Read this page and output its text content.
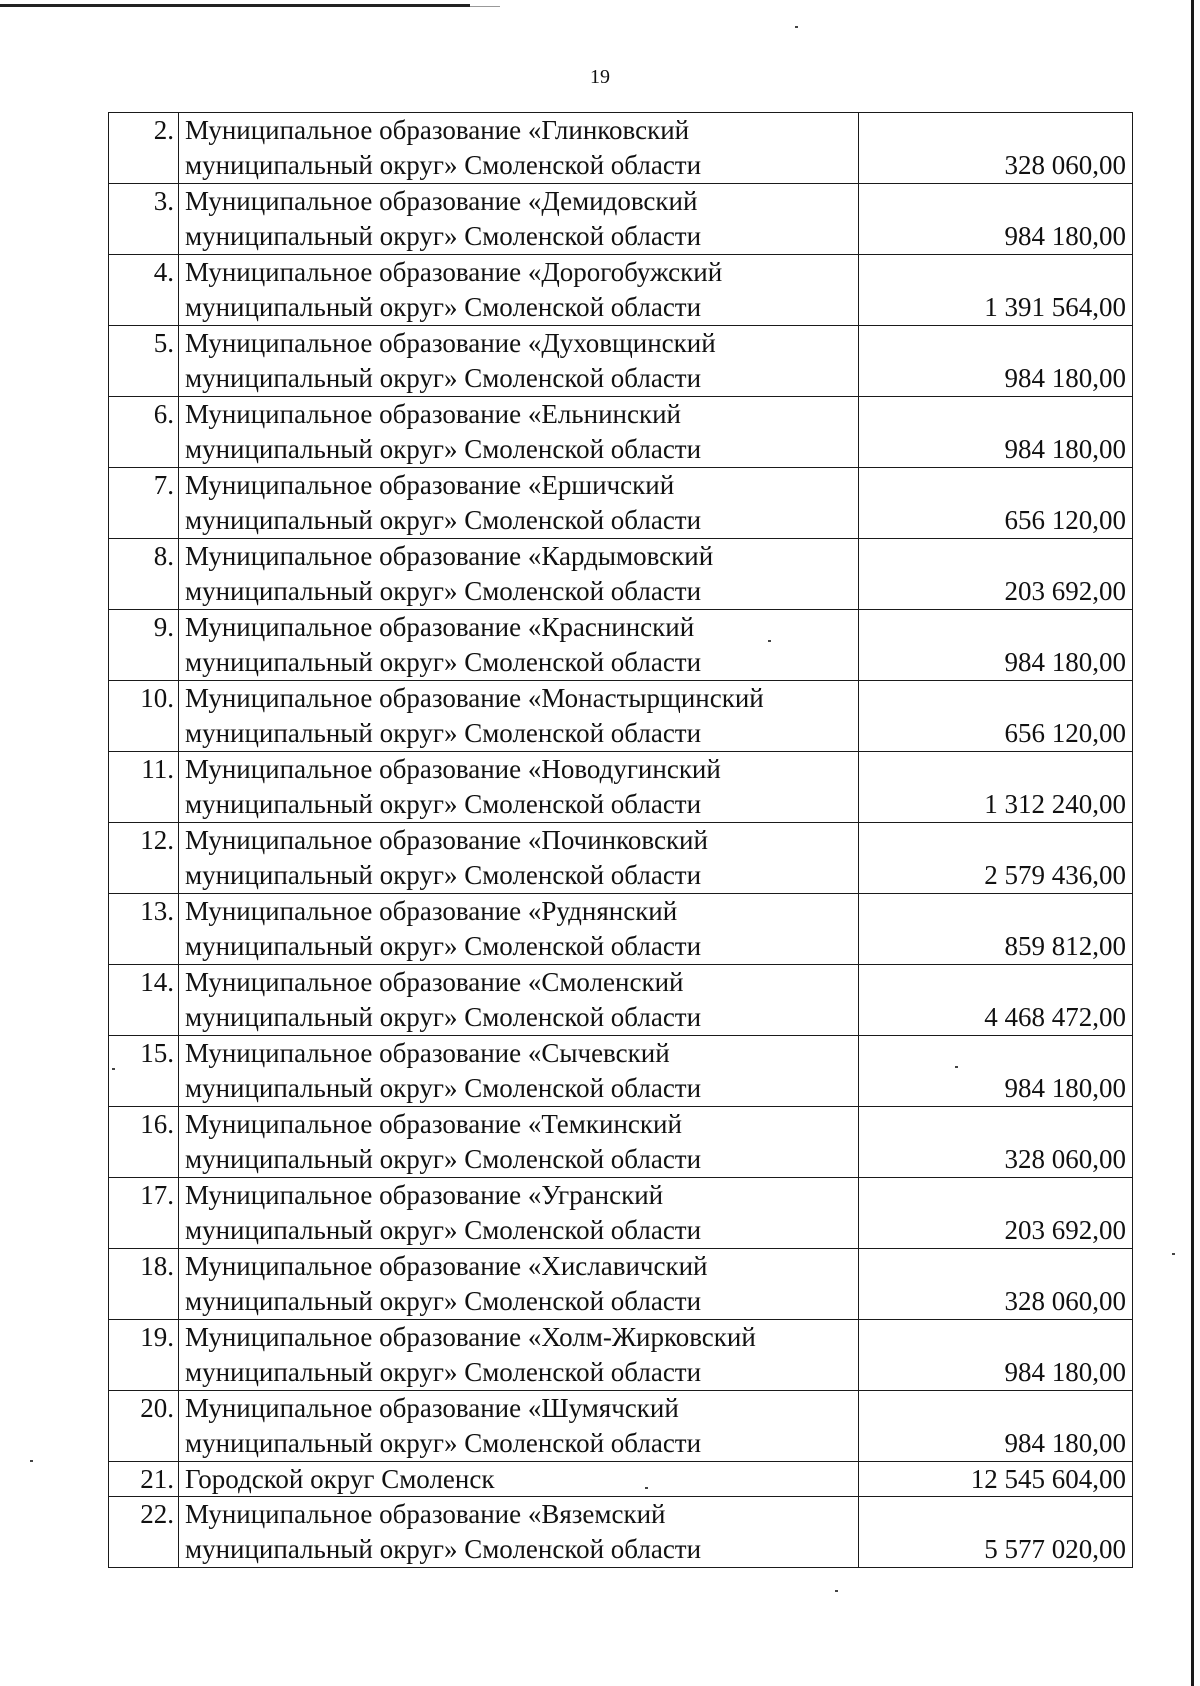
19
2.	Муниципальное образование «Глинковский
муниципальный округ» Смоленской области	328 060,00
3.	Муниципальное образование «Демидовский
муниципальный округ» Смоленской области	984 180,00
4.	Муниципальное образование «Дорогобужский
муниципальный округ» Смоленской области	1 391 564,00
5.	Муниципальное образование «Духовщинский
муниципальный округ» Смоленской области	984 180,00
6.	Муниципальное образование «Ельнинский
муниципальный округ» Смоленской области	984 180,00
7.	Муниципальное образование «Ершичский
муниципальный округ» Смоленской области	656 120,00
8.	Муниципальное образование «Кардымовский
муниципальный округ» Смоленской области	203 692,00
9.	Муниципальное образование «Краснинский
муниципальный округ» Смоленской области	984 180,00
10.	Муниципальное образование «Монастырщинский
муниципальный округ» Смоленской области	656 120,00
11.	Муниципальное образование «Новодугинский
муниципальный округ» Смоленской области	1 312 240,00
12.	Муниципальное образование «Починковский
муниципальный округ» Смоленской области	2 579 436,00
13.	Муниципальное образование «Руднянский
муниципальный округ» Смоленской области	859 812,00
14.	Муниципальное образование «Смоленский
муниципальный округ» Смоленской области	4 468 472,00
15.	Муниципальное образование «Сычевский
муниципальный округ» Смоленской области	984 180,00
16.	Муниципальное образование «Темкинский
муниципальный округ» Смоленской области	328 060,00
17.	Муниципальное образование «Угранский
муниципальный округ» Смоленской области	203 692,00
18.	Муниципальное образование «Хиславичский
муниципальный округ» Смоленской области	328 060,00
19.	Муниципальное образование «Холм-Жирковский
муниципальный округ» Смоленской области	984 180,00
20.	Муниципальное образование «Шумячский
муниципальный округ» Смоленской области	984 180,00
21.	Городской округ Смоленск	12 545 604,00
22.	Муниципальное образование «Вяземский
муниципальный округ» Смоленской области	5 577 020,00
